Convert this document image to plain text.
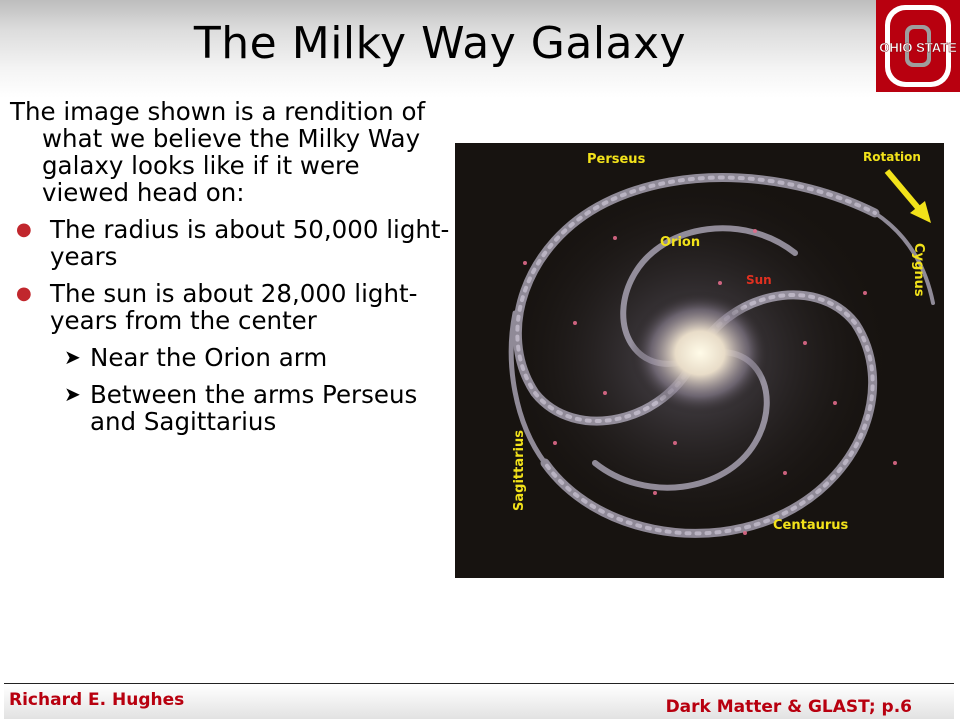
The Milky Way Galaxy	OHIO STATE
The image shown is a rendition of what we believe the Milky Way galaxy looks like if it were viewed head on:
● The radius is about 50,000 light-years
● The sun is about 28,000 light-years from the center
➤ Near the Orion arm
➤ Between the arms Perseus and Sagittarius
Perseus	Rotation
Cygnus
Orion
Sun
Sagittarius
Centaurus
Richard E. Hughes	Dark Matter & GLAST; p.6
